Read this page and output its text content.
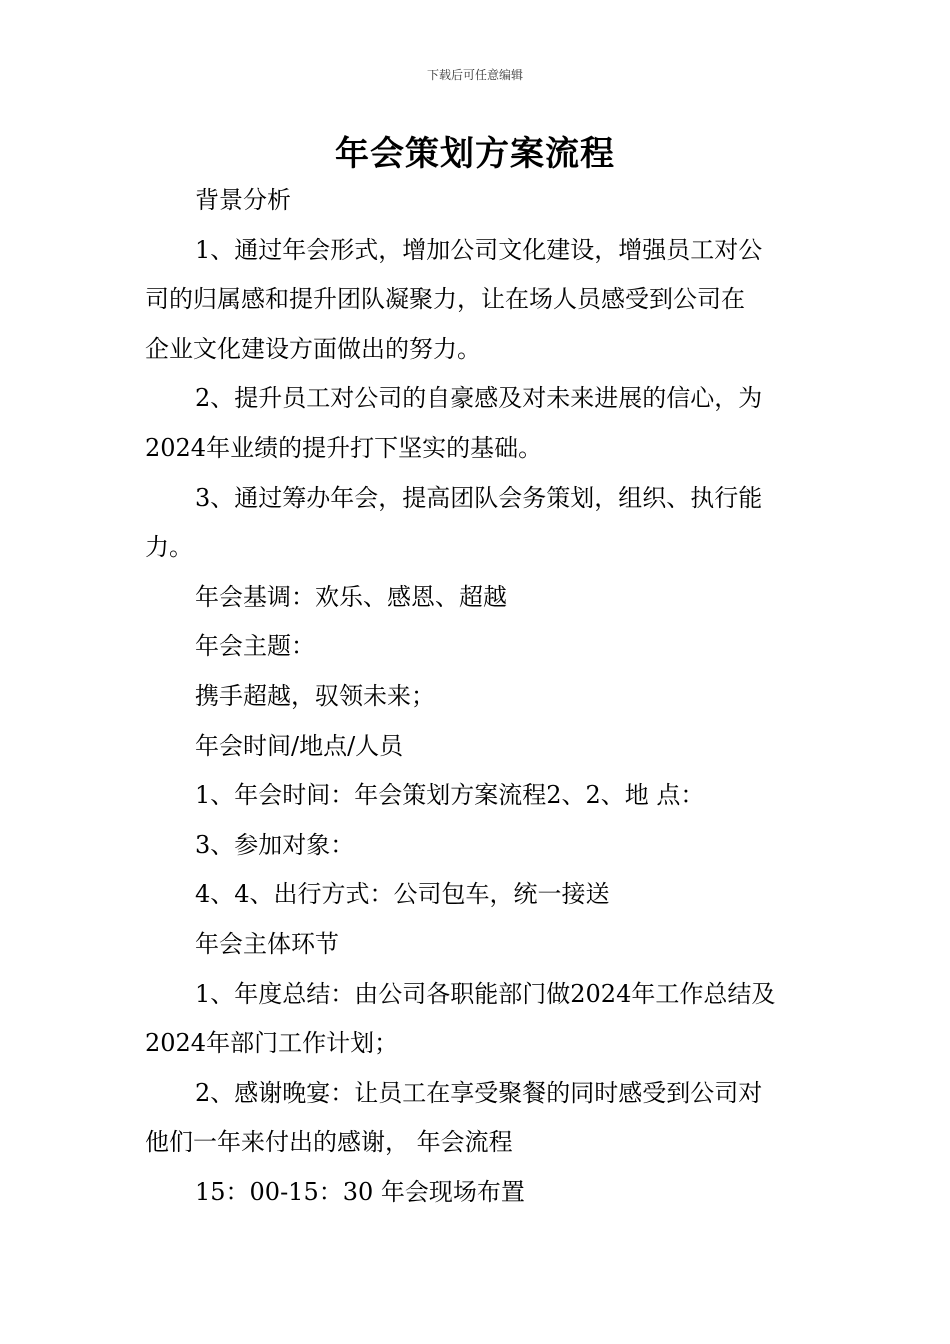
下载后可任意编辑
年会策划方案流程
背景分析
1、通过年会形式，增加公司文化建设，增强员工对公
司的归属感和提升团队凝聚力，让在场人员感受到公司在
企业文化建设方面做出的努力。
2、提升员工对公司的自豪感及对未来进展的信心，为
2024年业绩的提升打下坚实的基础。
3、通过筹办年会，提高团队会务策划，组织、执行能
力。
年会基调：欢乐、感恩、超越
年会主题：
携手超越，驭领未来；
年会时间/地点/人员
1、年会时间：年会策划方案流程2、2、地 点：
3、参加对象：
4、4、出行方式：公司包车，统一接送
年会主体环节
1、年度总结：由公司各职能部门做2024年工作总结及
2024年部门工作计划；
2、感谢晚宴：让员工在享受聚餐的同时感受到公司对
他们一年来付出的感谢， 年会流程
15：00-15：30 年会现场布置
